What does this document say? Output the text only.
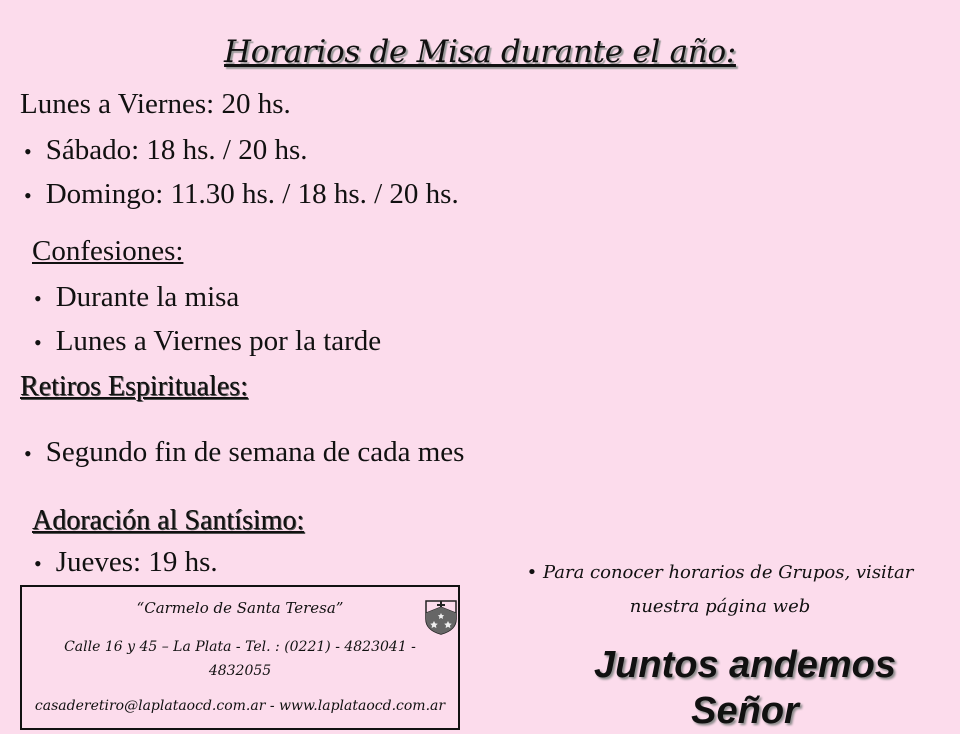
Horarios de Misa durante el año:
Lunes a Viernes: 20 hs.
• Sábado: 18 hs. / 20 hs.
• Domingo: 11.30 hs. / 18 hs. / 20 hs.
Confesiones:
• Durante la misa
• Lunes a Viernes por la tarde
Retiros Espirituales:
• Segundo fin de semana de cada mes
Adoración al Santísimo:
• Jueves: 19 hs.
“Carmelo de Santa Teresa”
Calle 16 y 45 – La Plata - Tel. : (0221) - 4823041 -
4832055
casaderetiro@laplataocd.com.ar - www.laplataocd.com.ar
• Para conocer horarios de Grupos, visitar
nuestra página web
Juntos andemos
Señor
